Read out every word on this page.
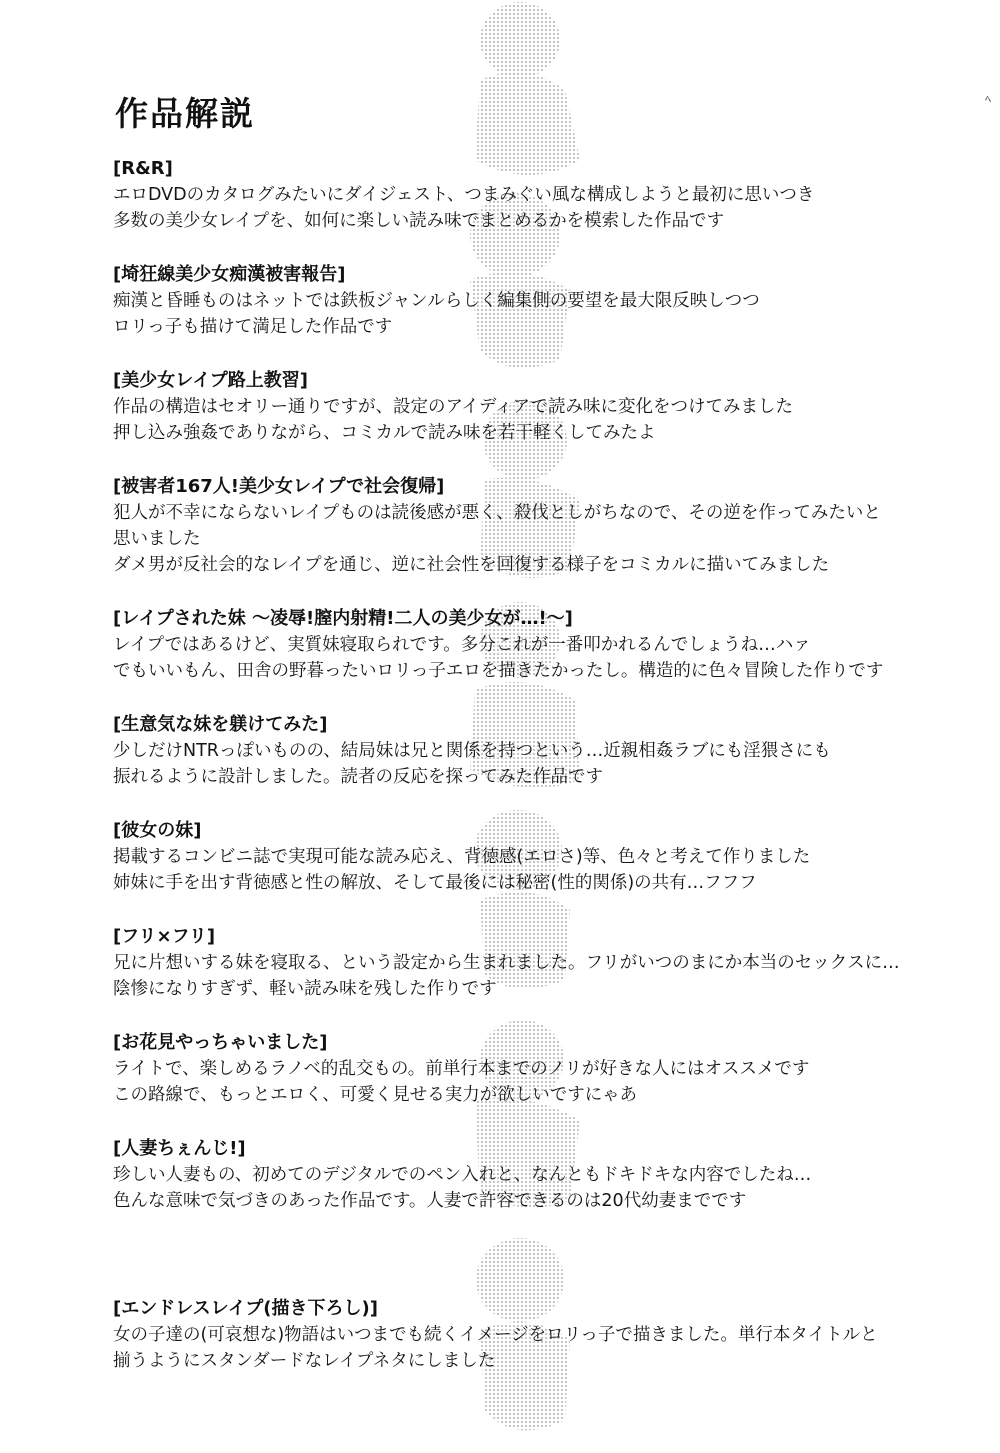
ﾍ
作品解説
[R&R]
エロDVDのカタログみたいにダイジェスト、つまみぐい風な構成しようと最初に思いつき
多数の美少女レイプを、如何に楽しい読み味でまとめるかを模索した作品です
[埼狂線美少女痴漢被害報告]
痴漢と昏睡ものはネットでは鉄板ジャンルらしく編集側の要望を最大限反映しつつ
ロリっ子も描けて満足した作品です
[美少女レイプ路上教習]
作品の構造はセオリー通りですが、設定のアイディアで読み味に変化をつけてみました
押し込み強姦でありながら、コミカルで読み味を若干軽くしてみたよ
[被害者167人!美少女レイプで社会復帰]
犯人が不幸にならないレイプものは読後感が悪く、殺伐としがちなので、その逆を作ってみたいと
思いました
ダメ男が反社会的なレイプを通じ、逆に社会性を回復する様子をコミカルに描いてみました
[レイプされた妹 ～凌辱!膣内射精!二人の美少女が…!～]
レイプではあるけど、実質妹寝取られです。多分これが一番叩かれるんでしょうね…ハァ
でもいいもん、田舎の野暮ったいロリっ子エロを描きたかったし。構造的に色々冒険した作りです
[生意気な妹を躾けてみた]
少しだけNTRっぽいものの、結局妹は兄と関係を持つという…近親相姦ラブにも淫猥さにも
振れるように設計しました。読者の反応を探ってみた作品です
[彼女の妹]
掲載するコンビニ誌で実現可能な読み応え、背徳感(エロさ)等、色々と考えて作りました
姉妹に手を出す背徳感と性の解放、そして最後には秘密(性的関係)の共有…フフフ
[フリ×フリ]
兄に片想いする妹を寝取る、という設定から生まれました。フリがいつのまにか本当のセックスに…
陰惨になりすぎず、軽い読み味を残した作りです
[お花見やっちゃいました]
ライトで、楽しめるラノベ的乱交もの。前単行本までのノリが好きな人にはオススメです
この路線で、もっとエロく、可愛く見せる実力が欲しいですにゃあ
[人妻ちぇんじ!]
珍しい人妻もの、初めてのデジタルでのペン入れと、なんともドキドキな内容でしたね…
色んな意味で気づきのあった作品です。人妻で許容できるのは20代幼妻までです
[エンドレスレイプ(描き下ろし)]
女の子達の(可哀想な)物語はいつまでも続くイメージをロリっ子で描きました。単行本タイトルと
揃うようにスタンダードなレイプネタにしました
